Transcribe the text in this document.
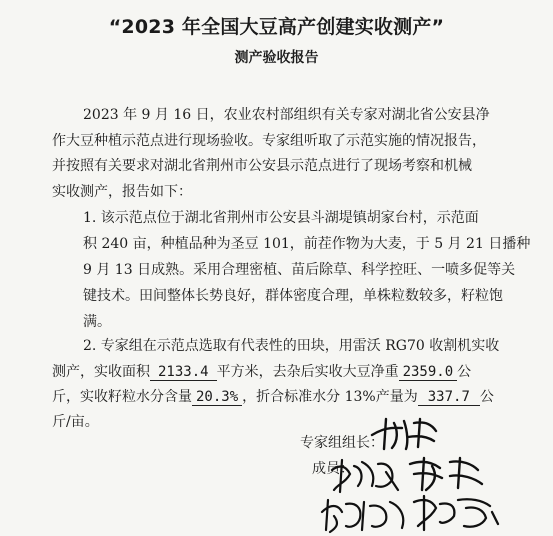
“2023 年全国大豆高产创建实收测产”
测产验收报告
2023 年 9 月 16 日，农业农村部组织有关专家对湖北省公安县净
作大豆种植示范点进行现场验收。专家组听取了示范实施的情况报告，
并按照有关要求对湖北省荆州市公安县示范点进行了现场考察和机械
实收测产，报告如下：
1. 该示范点位于湖北省荆州市公安县斗湖堤镇胡家台村，示范面
积 240 亩，种植品种为圣豆 101，前茬作物为大麦，于 5 月 21 日播种
9 月 13 日成熟。采用合理密植、苗后除草、科学控旺、一喷多促等关
键技术。田间整体长势良好，群体密度合理，单株粒数较多，籽粒饱
满。
2. 专家组在示范点选取有代表性的田块，用雷沃 RG70 收割机实收
测产，实收面积 2133.4 平方米，去杂后实收大豆净重 2359.0 公
斤，实收籽粒水分含量 20.3% ，折合标准水分 13%产量为 337.7 公
斤/亩。
专家组组长：
成员：
